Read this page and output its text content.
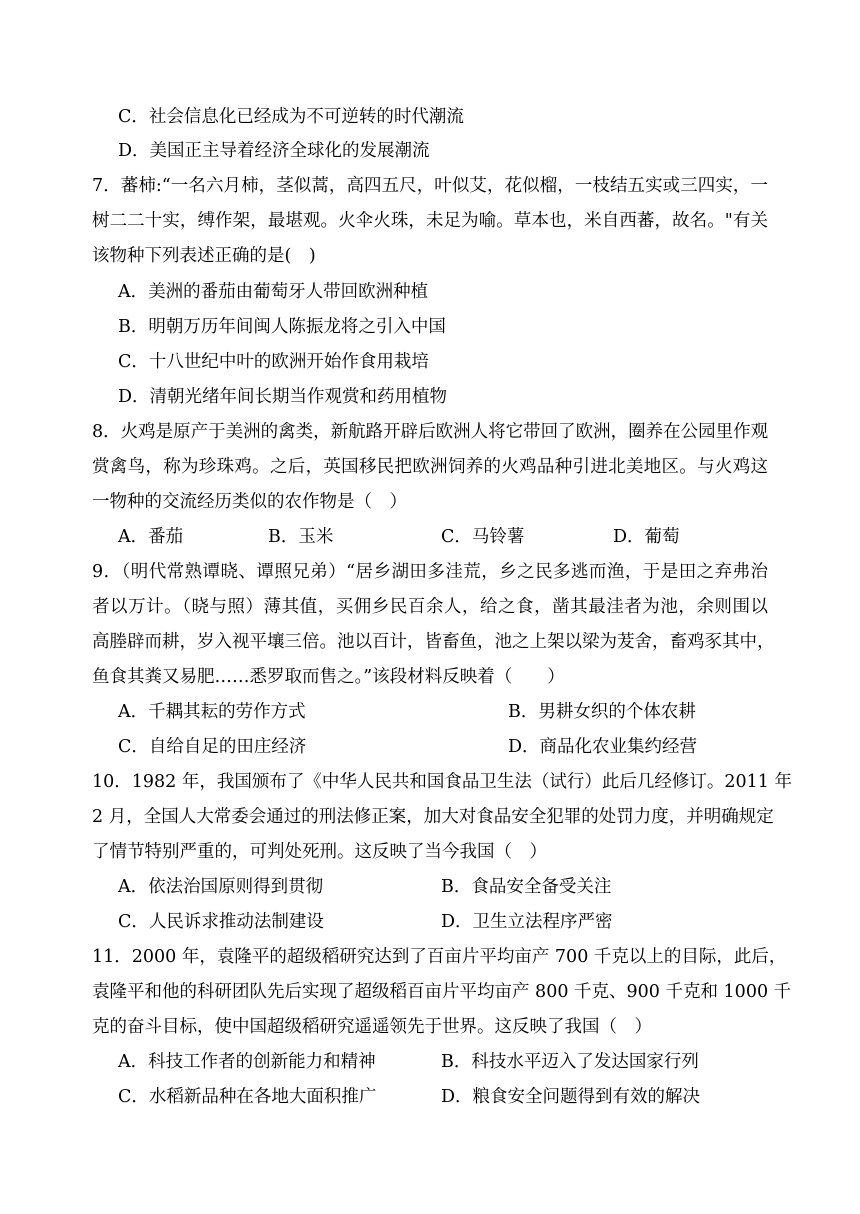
C．社会信息化已经成为不可逆转的时代潮流
D．美国正主导着经济全球化的发展潮流
7．蕃柿:“一名六月柿，茎似蒿，高四五尺，叶似艾，花似榴，一枝结五实或三四实，一
树二二十实，缚作架，最堪观。火伞火珠，未足为喻。草本也，米自西蕃，故名。"有关
该物种下列表述正确的是(　)
A．美洲的番茄由葡萄牙人带回欧洲种植
B．明朝万历年间闽人陈振龙将之引入中国
C．十八世纪中叶的欧洲开始作食用栽培
D．清朝光绪年间长期当作观赏和药用植物
8．火鸡是原产于美洲的禽类，新航路开辟后欧洲人将它带回了欧洲，圈养在公园里作观
赏禽鸟，称为珍珠鸡。之后，英国移民把欧洲饲养的火鸡品种引进北美地区。与火鸡这
一物种的交流经历类似的农作物是（　）
A．番茄	B．玉米	C．马铃薯	D．葡萄
9．（明代常熟谭晓、谭照兄弟）“居乡湖田多洼荒，乡之民多逃而渔，于是田之弃弗治
者以万计。（晓与照）薄其值，买佣乡民百余人，给之食，凿其最洼者为池，余则围以
高塍辟而耕，岁入视平壤三倍。池以百计，皆畜鱼，池之上架以梁为茇舍，畜鸡豕其中，
鱼食其粪又易肥……悉罗取而售之。”该段材料反映着（　　）
A．千耦其耘的劳作方式	B．男耕女织的个体农耕
C．自给自足的田庄经济	D．商品化农业集约经营
10．1982 年，我国颁布了《中华人民共和国食品卫生法（试行）此后几经修订。2011 年
2 月，全国人大常委会通过的刑法修正案，加大对食品安全犯罪的处罚力度，并明确规定
了情节特别严重的，可判处死刑。这反映了当今我国（　）
A．依法治国原则得到贯彻	B．食品安全备受关注
C．人民诉求推动法制建设	D．卫生立法程序严密
11．2000 年，袁隆平的超级稻研究达到了百亩片平均亩产 700 千克以上的目际，此后，
袁隆平和他的科研团队先后实现了超级稻百亩片平均亩产 800 千克、900 千克和 1000 千
克的奋斗目标，使中国超级稻研究遥遥领先于世界。这反映了我国（　）
A．科技工作者的创新能力和精神	B．科技水平迈入了发达国家行列
C．水稻新品种在各地大面积推广	D．粮食安全问题得到有效的解决
